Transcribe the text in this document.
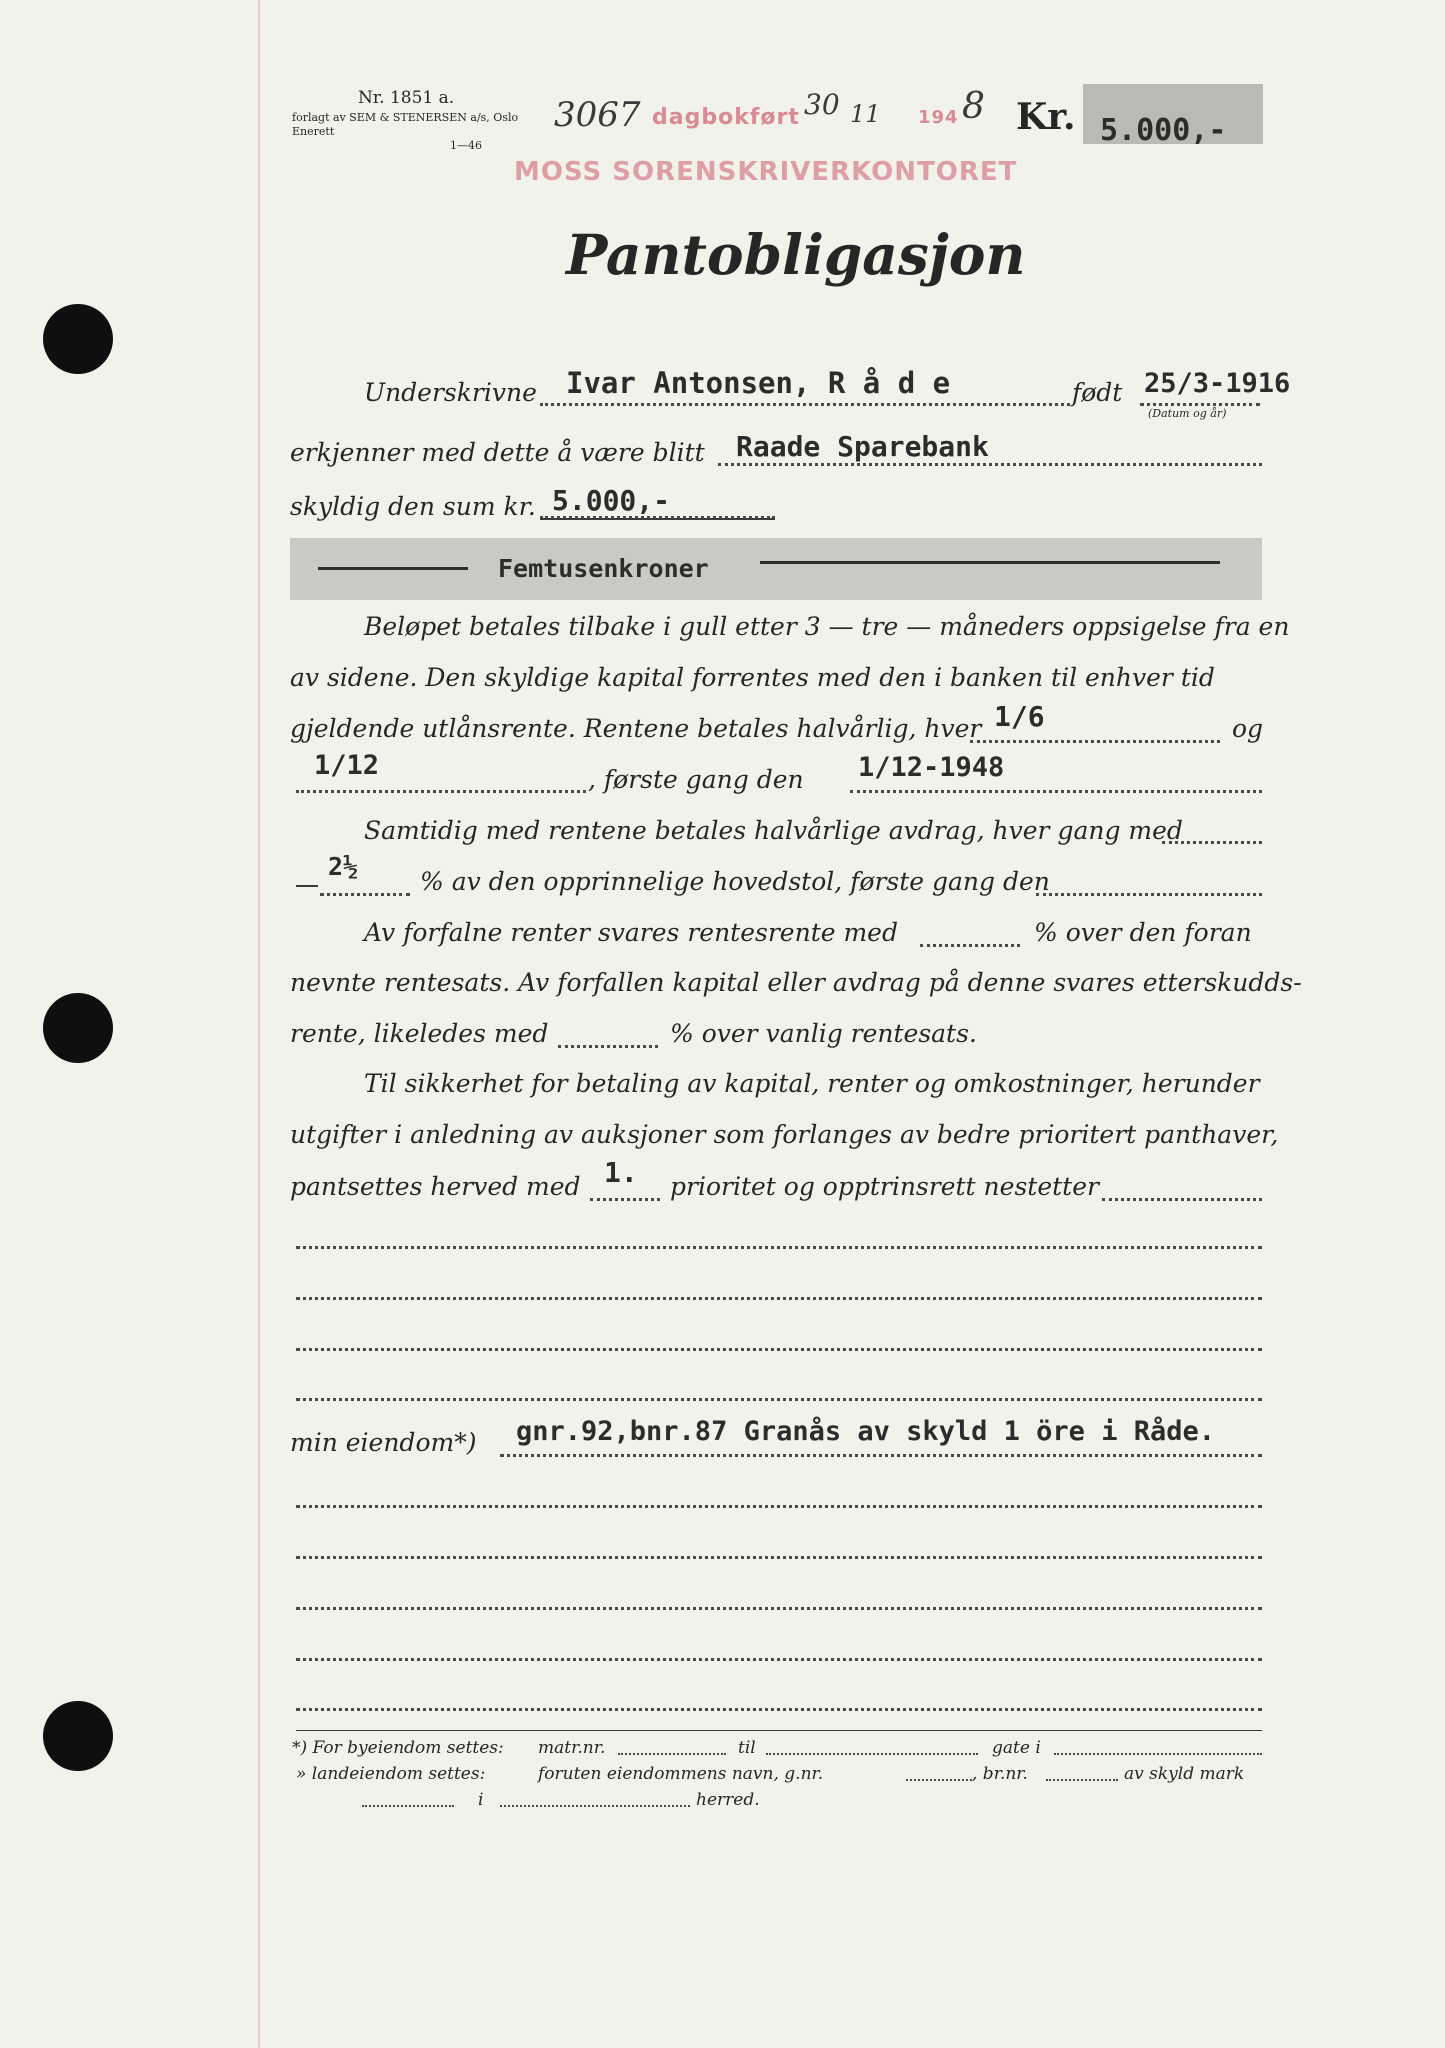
Nr. 1851 a.
forlagt av SEM & STENERSEN a/s, Oslo
Enerett
1—46
3067 dagbokført 30 11 194 8 Kr. 5.000,-
MOSS SORENSKRIVERKONTORET
Pantobligasjon
Underskrivne Ivar Antonsen, R å d e	født 25/3-1916
(Datum og år)
erkjenner med dette å være blitt Raade Sparebank
skyldig den sum kr. 5.000,-
Femtusenkroner
Beløpet betales tilbake i gull etter 3 — tre — måneders oppsigelse fra en
av sidene. Den skyldige kapital forrentes med den i banken til enhver tid
gjeldende utlånsrente. Rentene betales halvårlig, hver 1/6	og
1/12	, første gang den 1/12-1948
Samtidig med rentene betales halvårlige avdrag, hver gang med
2½
% av den opprinnelige hovedstol, første gang den
Av forfalne renter svares rentesrente med	% over den foran
nevnte rentesats. Av forfallen kapital eller avdrag på denne svares etterskudds-
rente, likeledes med	% over vanlig rentesats.
Til sikkerhet for betaling av kapital, renter og omkostninger, herunder
utgifter i anledning av auksjoner som forlanges av bedre prioritert panthaver,
pantsettes herved med 1. prioritet og opptrinsrett nestetter
min eiendom*) gnr.92,bnr.87 Granås av skyld 1 öre i Råde.
*) For byeiendom settes: matr.nr.	til	gate i
» landeiendom settes:	foruten eiendommens navn, g.nr.	, br.nr.	av skyld mark
i	herred.
